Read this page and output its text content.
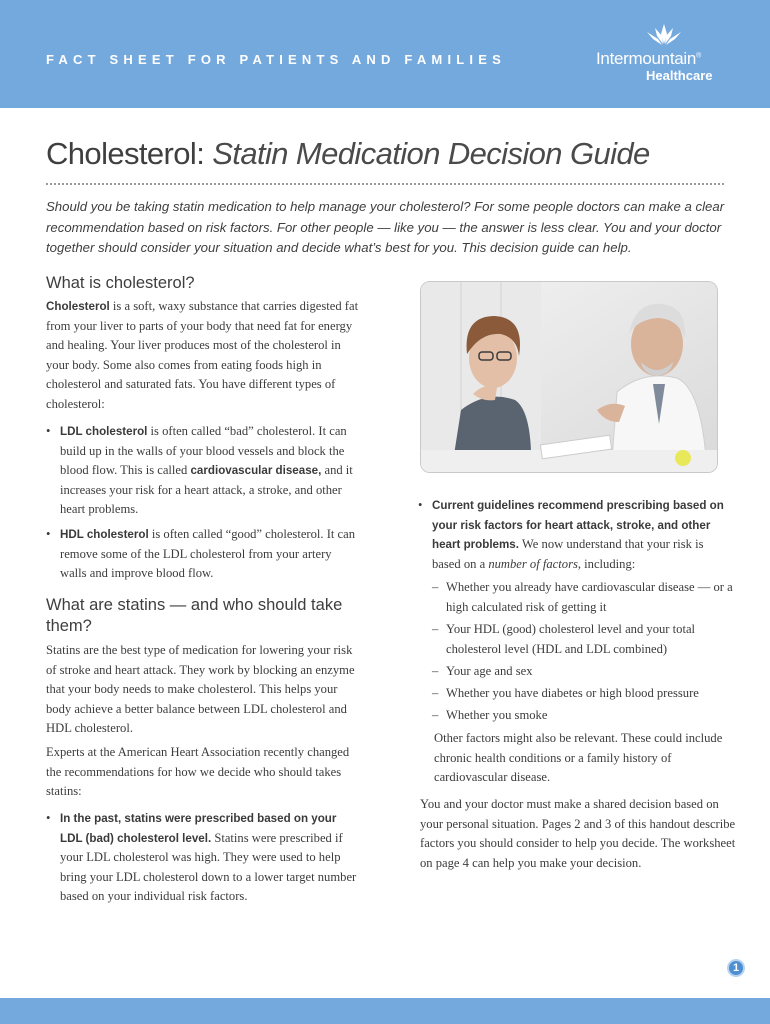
FACT SHEET FOR PATIENTS AND FAMILIES	Intermountain®
Healthcare
Cholesterol: Statin Medication Decision Guide
Should you be taking statin medication to help manage your cholesterol? For some people doctors can make a clear recommendation based on risk factors. For other people — like you — the answer is less clear. You and your doctor together should consider your situation and decide what’s best for you. This decision guide can help.
What is cholesterol?
Cholesterol is a soft, waxy substance that carries digested fat from your liver to parts of your body that need fat for energy and healing. Your liver produces most of the cholesterol in your body. Some also comes from eating foods high in cholesterol and saturated fats. You have different types of cholesterol:
• LDL cholesterol is often called “bad” cholesterol. It can build up in the walls of your blood vessels and block the blood flow. This is called cardiovascular disease, and it increases your risk for a heart attack, a stroke, and other heart problems.
• HDL cholesterol is often called “good” cholesterol. It can remove some of the LDL cholesterol from your artery walls and improve blood flow.
What are statins — and who should take them?
Statins are the best type of medication for lowering your risk of stroke and heart attack. They work by blocking an enzyme that your body needs to make cholesterol. This helps your body achieve a better balance between LDL cholesterol and HDL cholesterol.
Experts at the American Heart Association recently changed the recommendations for how we decide who should takes statins:
• In the past, statins were prescribed based on your LDL (bad) cholesterol level. Statins were prescribed if your LDL cholesterol was high. They were used to help bring your LDL cholesterol down to a lower target number based on your individual risk factors.
• Current guidelines recommend prescribing based on your risk factors for heart attack, stroke, and other heart problems. We now understand that your risk is based on a number of factors, including:
– Whether you already have cardiovascular disease — or a high calculated risk of getting it
– Your HDL (good) cholesterol level and your total cholesterol level (HDL and LDL combined)
– Your age and sex
– Whether you have diabetes or high blood pressure
– Whether you smoke
Other factors might also be relevant. These could include chronic health conditions or a family history of cardiovascular disease.
You and your doctor must make a shared decision based on your personal situation. Pages 2 and 3 of this handout describe factors you should consider to help you decide. The worksheet on page 4 can help you make your decision.
1
